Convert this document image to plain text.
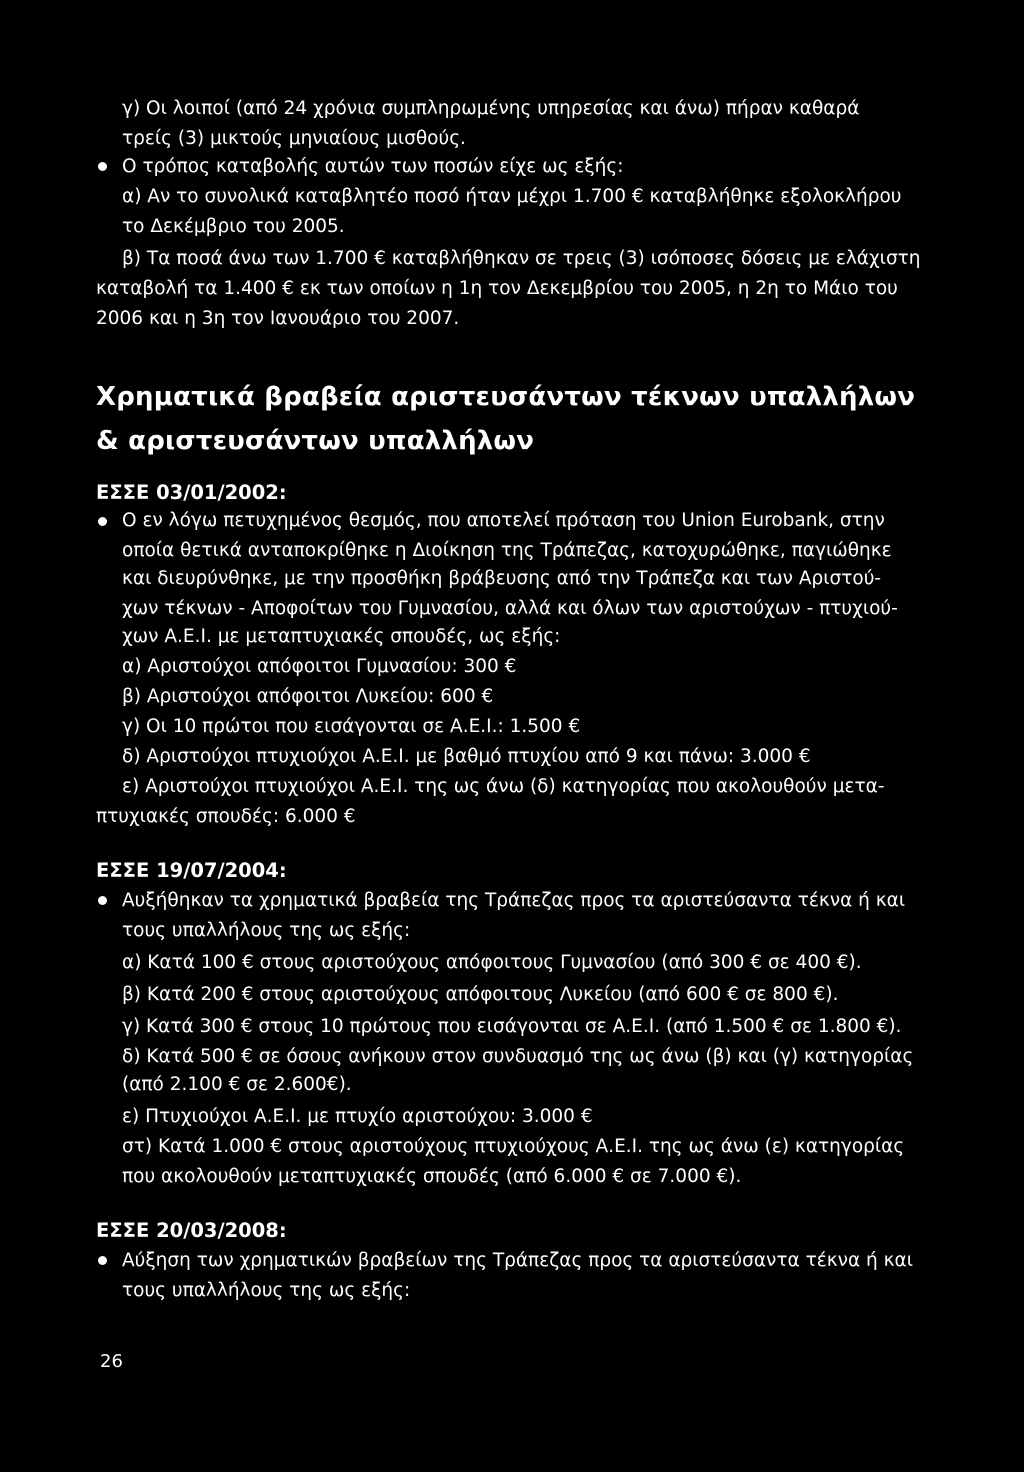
γ) Οι λοιποί (από 24 χρόνια συμπληρωμένης υπηρεσίας και άνω) πήραν καθαρά
τρείς (3) μικτούς μηνιαίους μισθούς.
Ο τρόπος καταβολής αυτών των ποσών είχε ως εξής:
α) Αν το συνολικά καταβλητέο ποσό ήταν μέχρι 1.700 € καταβλήθηκε εξολοκλήρου
το Δεκέμβριο του 2005.
β) Τα ποσά άνω των 1.700 € καταβλήθηκαν σε τρεις (3) ισόποσες δόσεις με ελάχιστη
καταβολή τα 1.400 € εκ των οποίων η 1η τον Δεκεμβρίου του 2005, η 2η το Μάιο του
2006 και η 3η τον Ιανουάριο του 2007.
Χρηματικά βραβεία αριστευσάντων τέκνων υπαλλήλων
& αριστευσάντων υπαλλήλων
ΕΣΣΕ 03/01/2002:
Ο εν λόγω πετυχημένος θεσμός, που αποτελεί πρόταση του Union Eurobank, στην
οποία θετικά ανταποκρίθηκε η Διοίκηση της Τράπεζας, κατοχυρώθηκε, παγιώθηκε
και διευρύνθηκε, με την προσθήκη βράβευσης από την Τράπεζα και των Αριστού-
χων τέκνων - Αποφοίτων του Γυμνασίου, αλλά και όλων των αριστούχων - πτυχιού-
χων Α.Ε.Ι. με μεταπτυχιακές σπουδές, ως εξής:
α) Αριστούχοι απόφοιτοι Γυμνασίου: 300 €
β) Αριστούχοι απόφοιτοι Λυκείου: 600 €
γ) Οι 10 πρώτοι που εισάγονται σε Α.Ε.Ι.: 1.500 €
δ) Αριστούχοι πτυχιούχοι Α.Ε.Ι. με βαθμό πτυχίου από 9 και πάνω: 3.000 €
ε) Αριστούχοι πτυχιούχοι Α.Ε.Ι. της ως άνω (δ) κατηγορίας που ακολουθούν μετα-
πτυχιακές σπουδές: 6.000 €
ΕΣΣΕ 19/07/2004:
Αυξήθηκαν τα χρηματικά βραβεία της Τράπεζας προς τα αριστεύσαντα τέκνα ή και
τους υπαλλήλους της ως εξής:
α) Κατά 100 € στους αριστούχους απόφοιτους Γυμνασίου (από 300 € σε 400 €).
β) Κατά 200 € στους αριστούχους απόφοιτους Λυκείου (από 600 € σε 800 €).
γ) Κατά 300 € στους 10 πρώτους που εισάγονται σε Α.Ε.Ι. (από 1.500 € σε 1.800 €).
δ) Κατά 500 € σε όσους ανήκουν στον συνδυασμό της ως άνω (β) και (γ) κατηγορίας
(από 2.100 € σε 2.600€).
ε) Πτυχιούχοι Α.Ε.Ι. με πτυχίο αριστούχου: 3.000 €
στ) Κατά 1.000 € στους αριστούχους πτυχιούχους Α.Ε.Ι. της ως άνω (ε) κατηγορίας
που ακολουθούν μεταπτυχιακές σπουδές (από 6.000 € σε 7.000 €).
ΕΣΣΕ 20/03/2008:
Αύξηση των χρηματικών βραβείων της Τράπεζας προς τα αριστεύσαντα τέκνα ή και
τους υπαλλήλους της ως εξής:
26
